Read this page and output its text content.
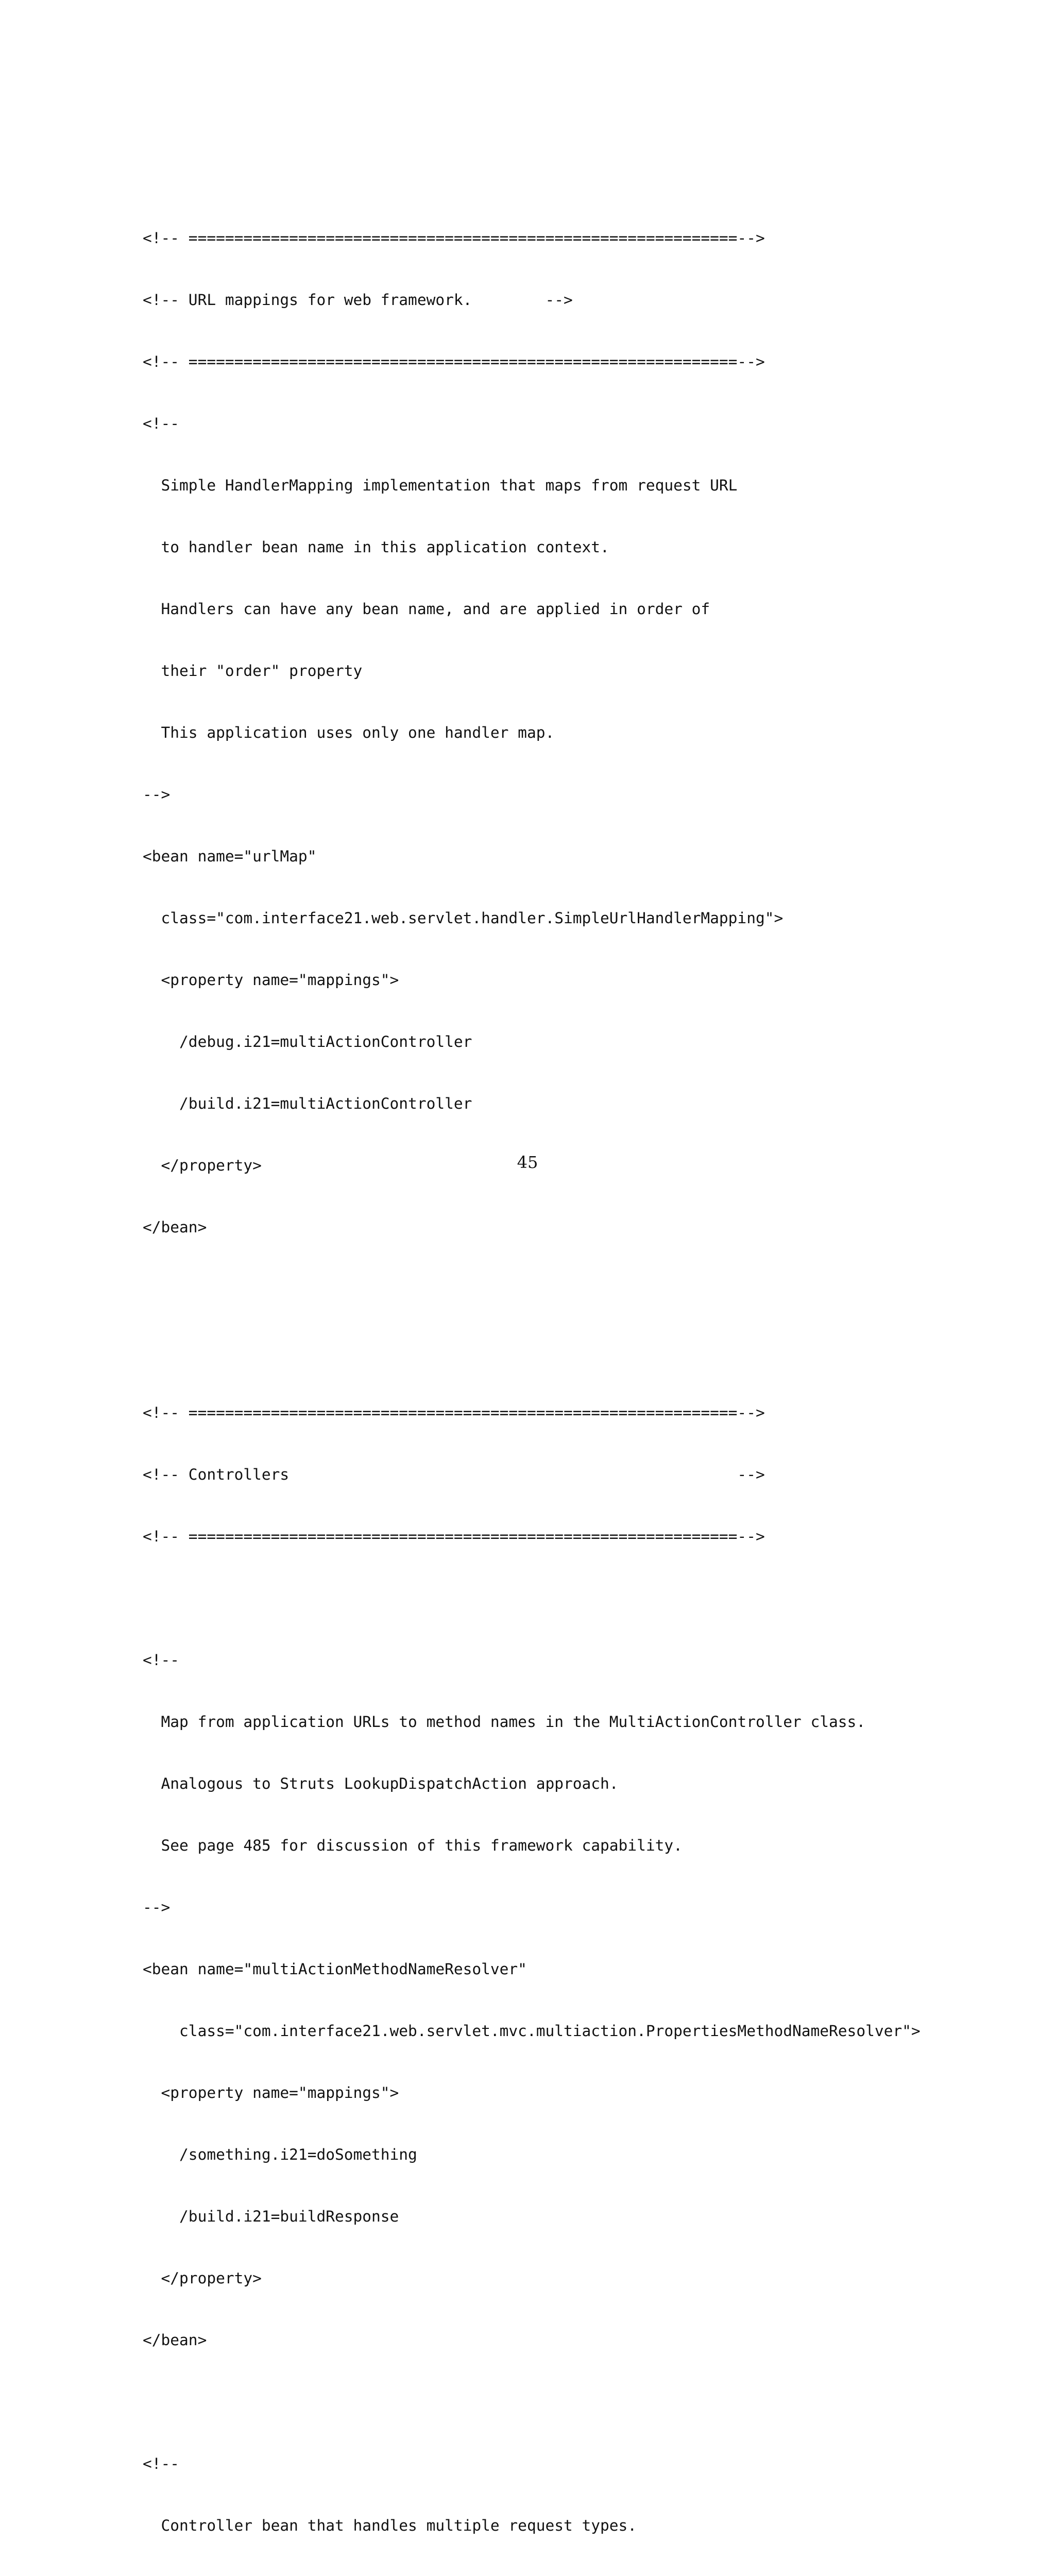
<!-- ============================================================-->

<!-- URL mappings for web framework.        -->

<!-- ============================================================-->

<!--

Simple HandlerMapping implementation that maps from request URL

to handler bean name in this application context.

Handlers can have any bean name, and are applied in order of

their "order" property

This application uses only one handler map.

-->

<bean name="urlMap"

class="com.interface21.web.servlet.handler.SimpleUrlHandlerMapping">

<property name="mappings">

/debug.i21=multiActionController

/build.i21=multiActionController

</property>

</bean>

<!-- ============================================================-->

<!-- Controllers                                                 -->

<!-- ============================================================-->

<!--

Map from application URLs to method names in the MultiActionController class.

Analogous to Struts LookupDispatchAction approach.

See page 485 for discussion of this framework capability.

-->

<bean name="multiActionMethodNameResolver"

class="com.interface21.web.servlet.mvc.multiaction.PropertiesMethodNameResolver">

<property name="mappings">

/something.i21=doSomething

/build.i21=buildResponse

</property>

</bean>

<!--

Controller bean that handles multiple request types.

45
